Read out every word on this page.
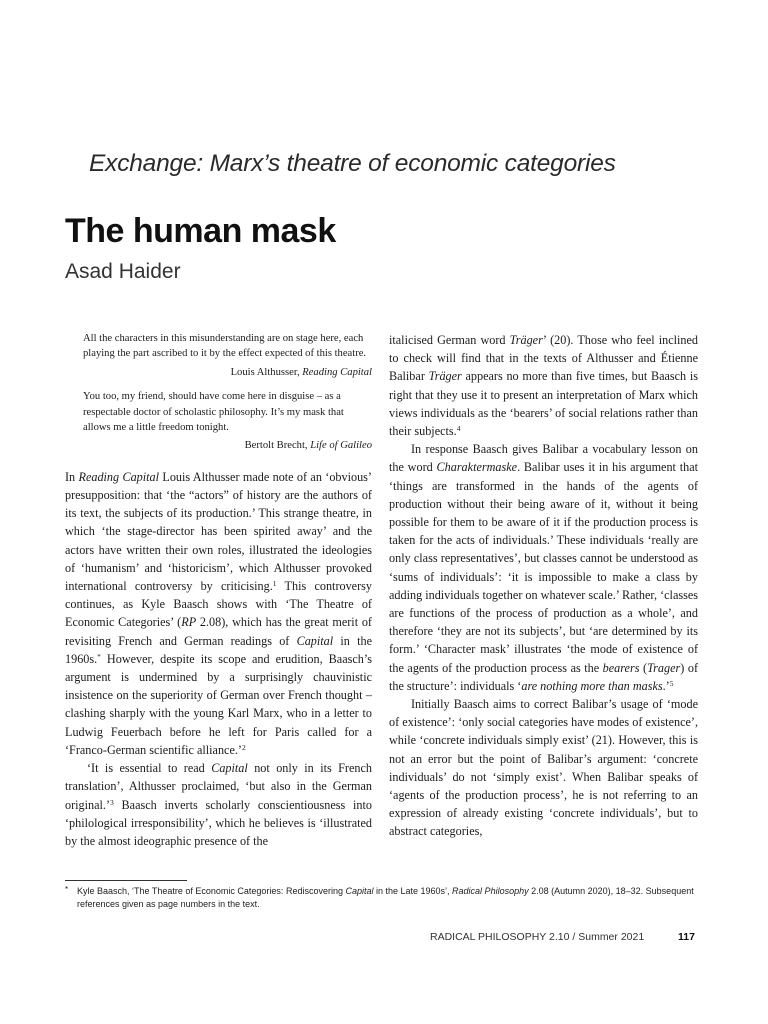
Exchange: Marx’s theatre of economic categories
The human mask
Asad Haider

All the characters in this misunderstanding are on stage here, each playing the part ascribed to it by the effect expected of this theatre.

Louis Althusser, Reading Capital

You too, my friend, should have come here in disguise – as a respectable doctor of scholastic philosophy. It’s my mask that allows me a little freedom tonight.

Bertolt Brecht, Life of Galileo

In Reading Capital Louis Althusser made note of an ‘obvious’ presupposition: that ‘the “actors” of history are the authors of its text, the subjects of its production.’ This strange theatre, in which ‘the stage-director has been spirited away’ and the actors have written their own roles, illustrated the ideologies of ‘humanism’ and ‘historicism’, which Althusser provoked international controversy by criticising.$^1$ This controversy continues, as Kyle Baasch shows with ‘The Theatre of Economic Categories’ (RP 2.08), which has the great merit of revisiting French and German readings of Capital in the 1960s.* However, despite its scope and erudition, Baasch’s argument is undermined by a surprisingly chauvinistic insistence on the superiority of German over French thought – clashing sharply with the young Karl Marx, who in a letter to Ludwig Feuerbach before he left for Paris called for a ‘Franco-German scientific alliance.’$^2$

‘It is essential to read Capital not only in its French translation’, Althusser proclaimed, ‘but also in the German original.’$^3$ Baasch inverts scholarly conscientiousness into ‘philological irresponsibility’, which he believes is ‘illustrated by the almost ideographic presence of the

italicised German word Träger’ (20). Those who feel inclined to check will find that in the texts of Althusser and Étienne Balibar Träger appears no more than five times, but Baasch is right that they use it to present an interpretation of Marx which views individuals as the ‘bearers’ of social relations rather than their subjects.$^4$

In response Baasch gives Balibar a vocabulary lesson on the word Charaktermaske. Balibar uses it in his argument that ‘things are transformed in the hands of the agents of production without their being aware of it, without it being possible for them to be aware of it if the production process is taken for the acts of individuals.’ These individuals ‘really are only class representatives’, but classes cannot be understood as ‘sums of individuals’: ‘it is impossible to make a class by adding individuals together on whatever scale.’ Rather, ‘classes are functions of the process of production as a whole’, and therefore ‘they are not its subjects’, but ‘are determined by its form.’ ‘Character mask’ illustrates ‘the mode of existence of the agents of the production process as the bearers (Trager) of the structure’: individuals ‘are nothing more than masks.’$^5$

Initially Baasch aims to correct Balibar’s usage of ‘mode of existence’: ‘only social categories have modes of existence’, while ‘concrete individuals simply exist’ (21). However, this is not an error but the point of Balibar’s argument: ‘concrete individuals’ do not ‘simply exist’. When Balibar speaks of ‘agents of the production process’, he is not referring to an expression of already existing ‘concrete individuals’, but to abstract categories,

* Kyle Baasch, ‘The Theatre of Economic Categories: Rediscovering Capital in the Late 1960s’, Radical Philosophy 2.08 (Autumn 2020), 18–32. Subsequent references given as page numbers in the text.
RADICAL PHILOSOPHY 2.10 / Summer 2021	117
